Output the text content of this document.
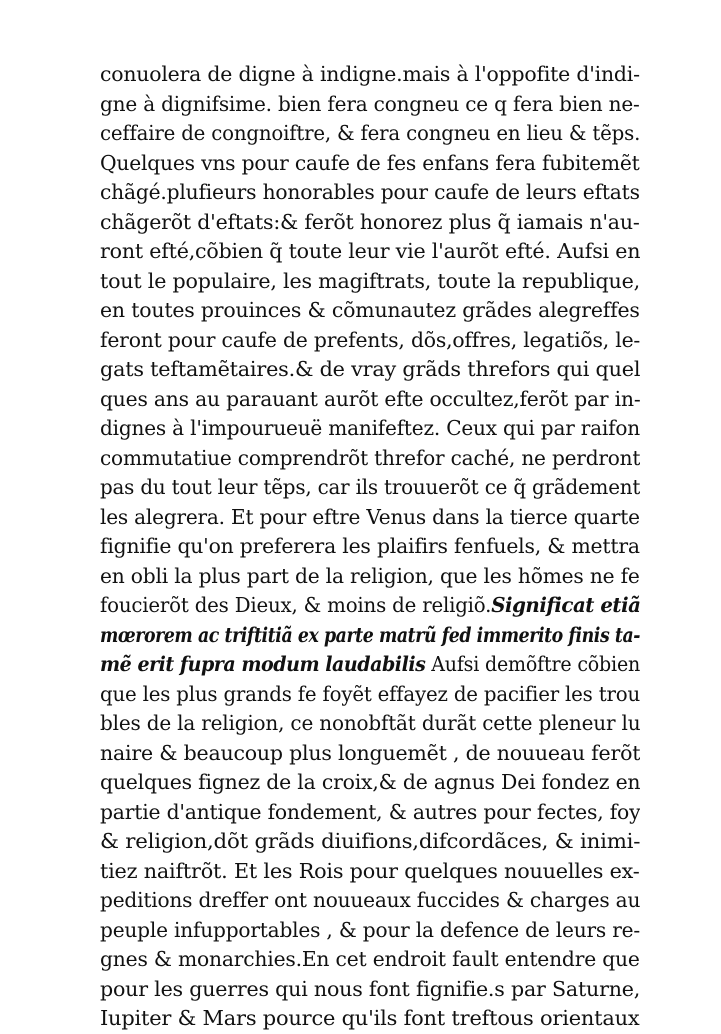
conuolera de digne à indigne.mais à l'oppofite d'indi-
gne à dignifsime. bien fera congneu ce q fera bien ne-
ceffaire de congnoiftre, & fera congneu en lieu & tẽps.
Quelques vns pour caufe de fes enfans fera fubitemẽt
chãgé.plufieurs honorables pour caufe de leurs eftats
chãgerõt d'eftats:& ferõt honorez plus q̃ iamais n'au-
ront efté,cõbien q̃ toute leur vie l'aurõt efté. Aufsi en
tout le populaire, les magiftrats, toute la republique,
en toutes prouinces & cõmunautez grãdes alegreffes
feront pour caufe de prefents, dõs,offres, legatiõs, le-
gats teftamẽtaires.& de vray grãds threfors qui quel
ques ans au parauant aurõt efte occultez,ferõt par in-
dignes à l'impourueuë manifeftez. Ceux qui par raifon
commutatiue comprendrõt threfor caché, ne perdront
pas du tout leur tẽps, car ils trouuerõt ce q̃ grãdement
les alegrera. Et pour eftre Venus dans la tierce quarte
fignifie qu'on preferera les plaifirs fenfuels, & mettra
en obli la plus part de la religion, que les hõmes ne fe
foucierõt des Dieux, & moins de religiõ.Significat etiã
mœrorem ac triftitiã ex parte matrũ fed immerito finis ta-
mẽ erit fupra modum laudabilis Aufsi demõftre cõbien
que les plus grands fe foyẽt effayez de pacifier les trou
bles de la religion, ce nonobftãt durãt cette pleneur lu
naire & beaucoup plus longuemẽt , de nouueau ferõt
quelques fignez de la croix,& de agnus Dei fondez en
partie d'antique fondement, & autres pour fectes, foy
& religion,dõt grãds diuifions,difcordãces, & inimi-
tiez naiftrõt. Et les Rois pour quelques nouuelles ex-
peditions dreffer ont nouueaux fuccides & charges au
peuple infupportables , & pour la defence de leurs re-
gnes & monarchies.En cet endroit fault entendre que
pour les guerres qui nous font fignifie.s par Saturne,
Iupiter & Mars pource qu'ils font treftous orientaux
